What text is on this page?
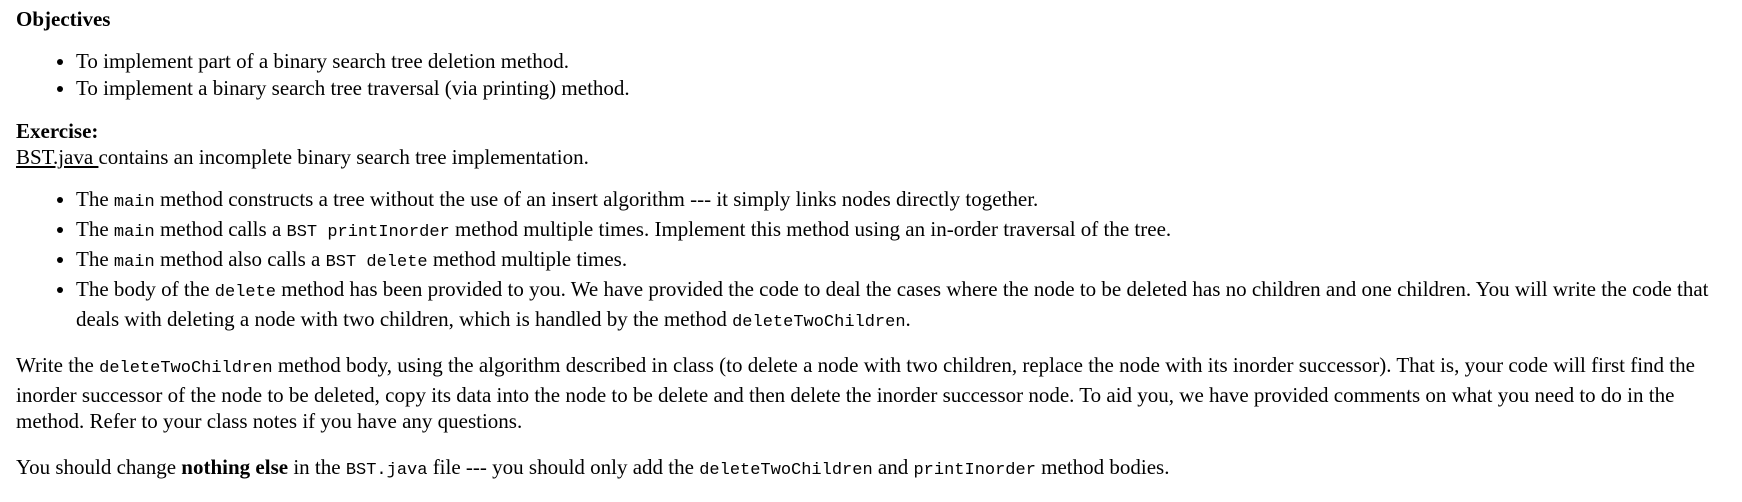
Objectives
• To implement part of a binary search tree deletion method.
• To implement a binary search tree traversal (via printing) method.
Exercise:

BST.java contains an incomplete binary search tree implementation.

• The main method constructs a tree without the use of an insert algorithm --- it simply links nodes directly together.
• The main method calls a BST printInorder method multiple times. Implement this method using an in-order traversal of the tree.
• The main method also calls a BST delete method multiple times.
• The body of the delete method has been provided to you. We have provided the code to deal the cases where the node to be deleted has no children and one children. You will write the code that deals with deleting a node with two children, which is handled by the method deleteTwoChildren.

Write the deleteTwoChildren method body, using the algorithm described in class (to delete a node with two children, replace the node with its inorder successor). That is, your code will first find the inorder successor of the node to be deleted, copy its data into the node to be delete and then delete the inorder successor node. To aid you, we have provided comments on what you need to do in the method. Refer to your class notes if you have any questions.

You should change nothing else in the BST.java file --- you should only add the deleteTwoChildren and printInorder method bodies.
